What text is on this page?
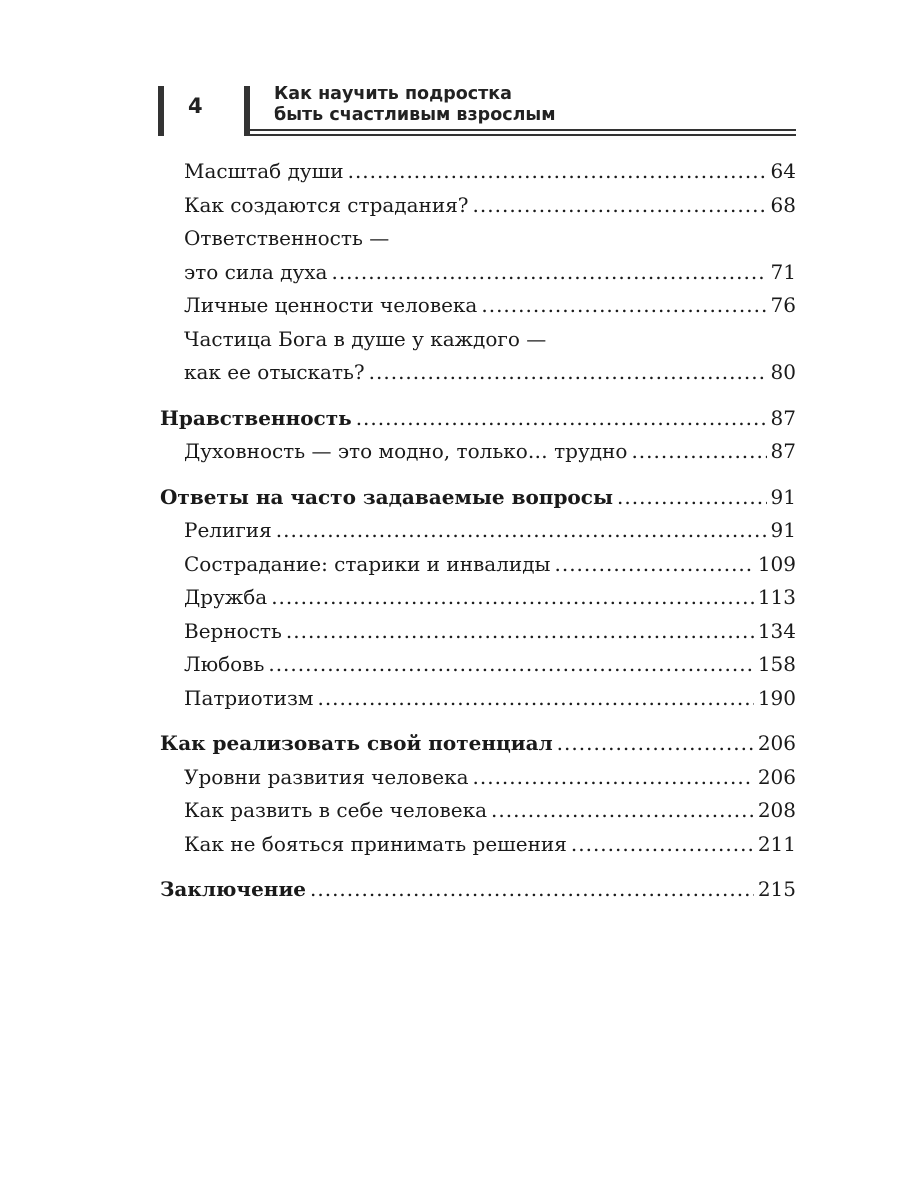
4	Как научить подростка
быть счастливым взрослым
Масштаб души .....	64
Как создаются страдания? .....	68
Ответственность —
это сила духа .....	71
Личные ценности человека .....	76
Частица Бога в душе у каждого —
как ее отыскать? .....	80
Нравственность .....	87
Духовность — это модно, только… трудно .....	87
Ответы на часто задаваемые вопросы .....	91
Религия .....	91
Сострадание: старики и инвалиды .....	109
Дружба .....	113
Верность .....	134
Любовь .....	158
Патриотизм .....	190
Как реализовать свой потенциал .....	206
Уровни развития человека .....	206
Как развить в себе человека .....	208
Как не бояться принимать решения .....	211
Заключение .....	215
